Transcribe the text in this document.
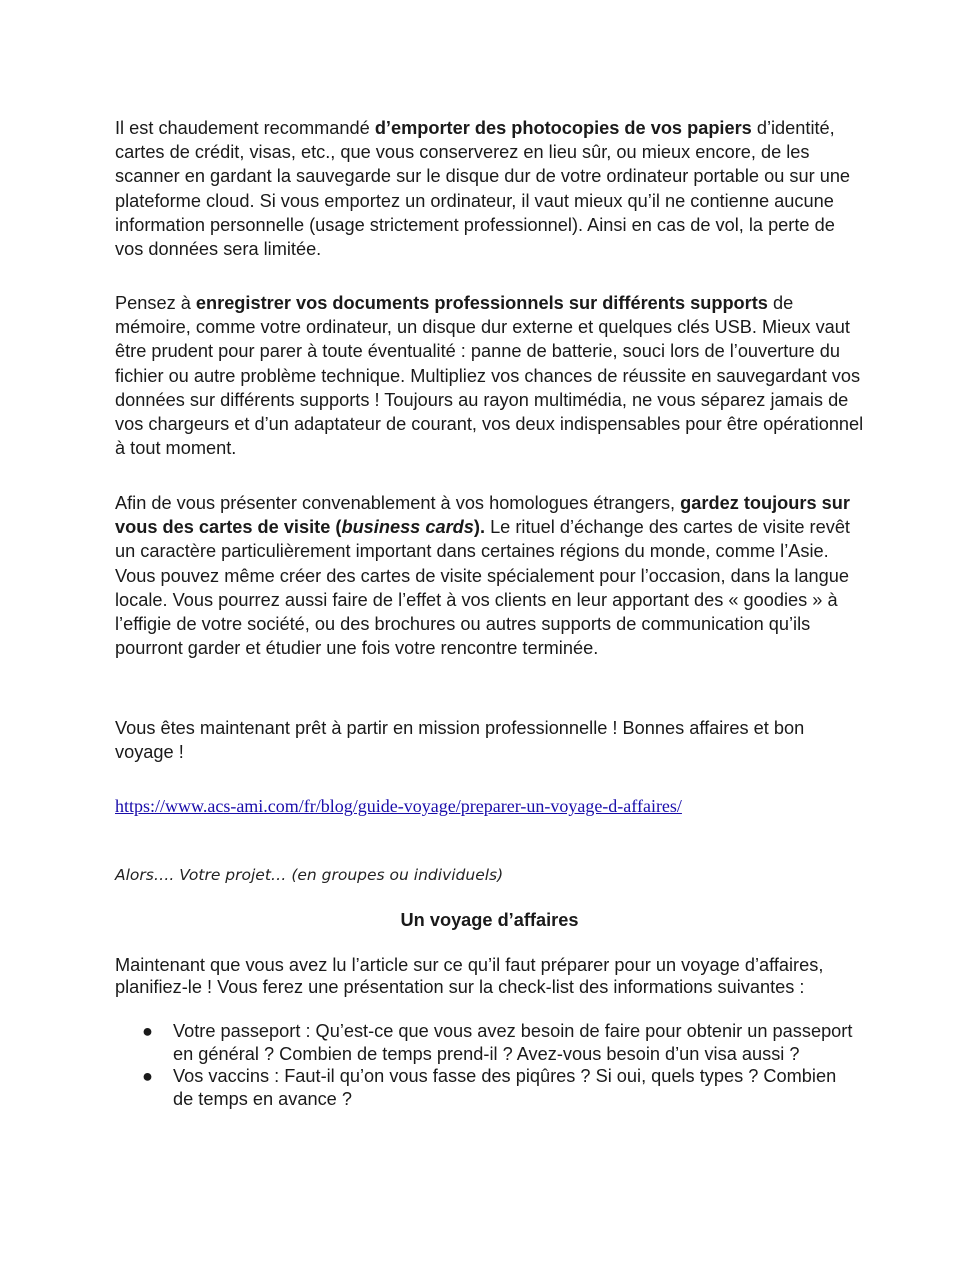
Il est chaudement recommandé d’emporter des photocopies de vos papiers d’identité, cartes de crédit, visas, etc., que vous conserverez en lieu sûr, ou mieux encore, de les scanner en gardant la sauvegarde sur le disque dur de votre ordinateur portable ou sur une plateforme cloud. Si vous emportez un ordinateur, il vaut mieux qu’il ne contienne aucune information personnelle (usage strictement professionnel). Ainsi en cas de vol, la perte de vos données sera limitée.

Pensez à enregistrer vos documents professionnels sur différents supports de mémoire, comme votre ordinateur, un disque dur externe et quelques clés USB. Mieux vaut être prudent pour parer à toute éventualité : panne de batterie, souci lors de l’ouverture du fichier ou autre problème technique. Multipliez vos chances de réussite en sauvegardant vos données sur différents supports ! Toujours au rayon multimédia, ne vous séparez jamais de vos chargeurs et d’un adaptateur de courant, vos deux indispensables pour être opérationnel à tout moment.

Afin de vous présenter convenablement à vos homologues étrangers, gardez toujours sur vous des cartes de visite (business cards). Le rituel d’échange des cartes de visite revêt un caractère particulièrement important dans certaines régions du monde, comme l’Asie. Vous pouvez même créer des cartes de visite spécialement pour l’occasion, dans la langue locale. Vous pourrez aussi faire de l’effet à vos clients en leur apportant des « goodies » à l’effigie de votre société, ou des brochures ou autres supports de communication qu’ils pourront garder et étudier une fois votre rencontre terminée.

Vous êtes maintenant prêt à partir en mission professionnelle ! Bonnes affaires et bon voyage !

https://www.acs-ami.com/fr/blog/guide-voyage/preparer-un-voyage-d-affaires/
Alors…. Votre projet… (en groupes ou individuels)
Un voyage d’affaires

Maintenant que vous avez lu l’article sur ce qu’il faut préparer pour un voyage d’affaires, planifiez-le ! Vous ferez une présentation sur la check-list des informations suivantes :

● Votre passeport : Qu’est-ce que vous avez besoin de faire pour obtenir un passeport en général ? Combien de temps prend-il ? Avez-vous besoin d’un visa aussi ?
● Vos vaccins : Faut-il qu’on vous fasse des piqûres ? Si oui, quels types ? Combien de temps en avance ?
